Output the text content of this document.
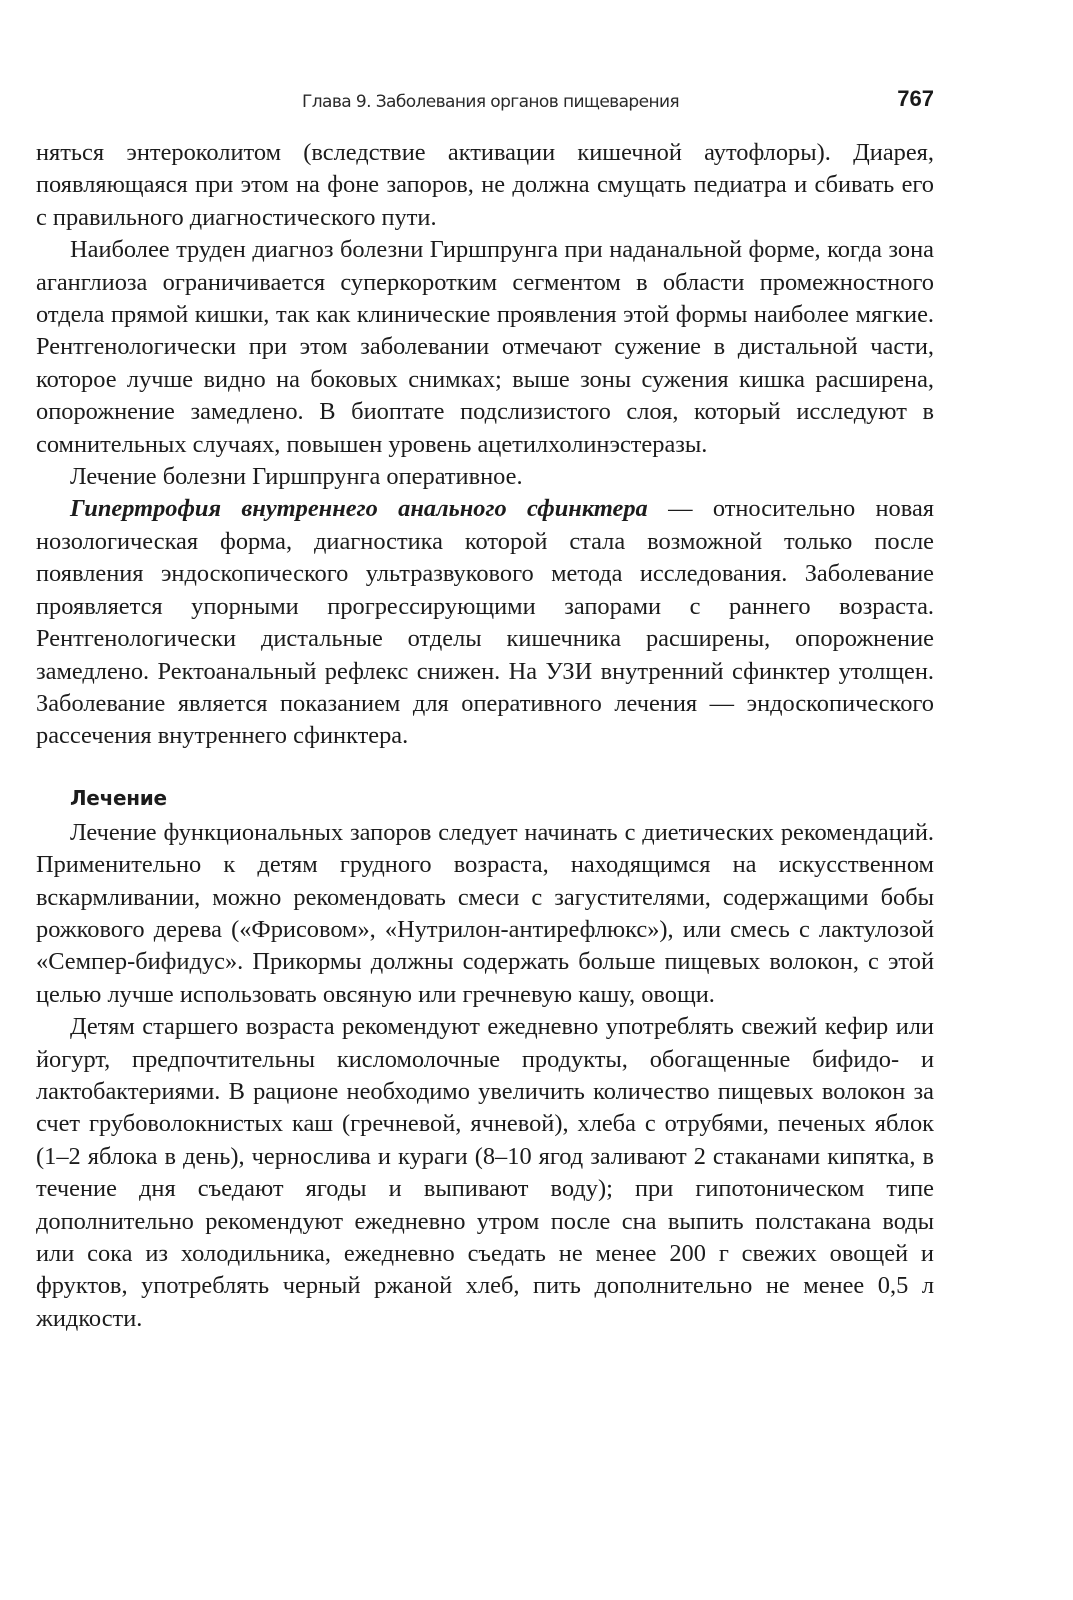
Глава 9. Заболевания органов пищеварения	767

няться энтероколитом (вследствие активации кишечной аутофлоры). Диарея, появляющаяся при этом на фоне запоров, не должна смущать педиатра и сбивать его с правильного диагностического пути.

Наиболее труден диагноз болезни Гиршпрунга при наданальной форме, когда зона аганглиоза ограничивается суперкоротким сегментом в области промежностного отдела прямой кишки, так как клинические проявления этой формы наиболее мягкие. Рентгенологически при этом заболевании отмечают сужение в дистальной части, которое лучше видно на боковых снимках; выше зоны сужения кишка расширена, опорожнение замедлено. В биоптате подслизистого слоя, который исследуют в сомнительных случаях, повышен уровень ацетилхолинэстеразы.

Лечение болезни Гиршпрунга оперативное.

Гипертрофия внутреннего анального сфинктера — относительно новая нозологическая форма, диагностика которой стала возможной только после появления эндоскопического ультразвукового метода исследования. Заболевание проявляется упорными прогрессирующими запорами с раннего возраста. Рентгенологически дистальные отделы кишечника расширены, опорожнение замедлено. Ректоанальный рефлекс снижен. На УЗИ внутренний сфинктер утолщен. Заболевание является показанием для оперативного лечения — эндоскопического рассечения внутреннего сфинктера.

Лечение

Лечение функциональных запоров следует начинать с диетических рекомендаций. Применительно к детям грудного возраста, находящимся на искусственном вскармливании, можно рекомендовать смеси с загустителями, содержащими бобы рожкового дерева («Фрисовом», «Нутрилон-антирефлюкс»), или смесь с лактулозой «Семпер-бифидус». Прикормы должны содержать больше пищевых волокон, с этой целью лучше использовать овсяную или гречневую кашу, овощи.

Детям старшего возраста рекомендуют ежедневно употреблять свежий кефир или йогурт, предпочтительны кисломолочные продукты, обогащенные бифидо- и лактобактериями. В рационе необходимо увеличить количество пищевых волокон за счет грубоволокнистых каш (гречневой, ячневой), хлеба с отрубями, печеных яблок (1–2 яблока в день), чернослива и кураги (8–10 ягод заливают 2 стаканами кипятка, в течение дня съедают ягоды и выпивают воду); при гипотоническом типе дополнительно рекомендуют ежедневно утром после сна выпить полстакана воды или сока из холодильника, ежедневно съедать не менее 200 г свежих овощей и фруктов, употреблять черный ржаной хлеб, пить дополнительно не менее 0,5 л жидкости.
